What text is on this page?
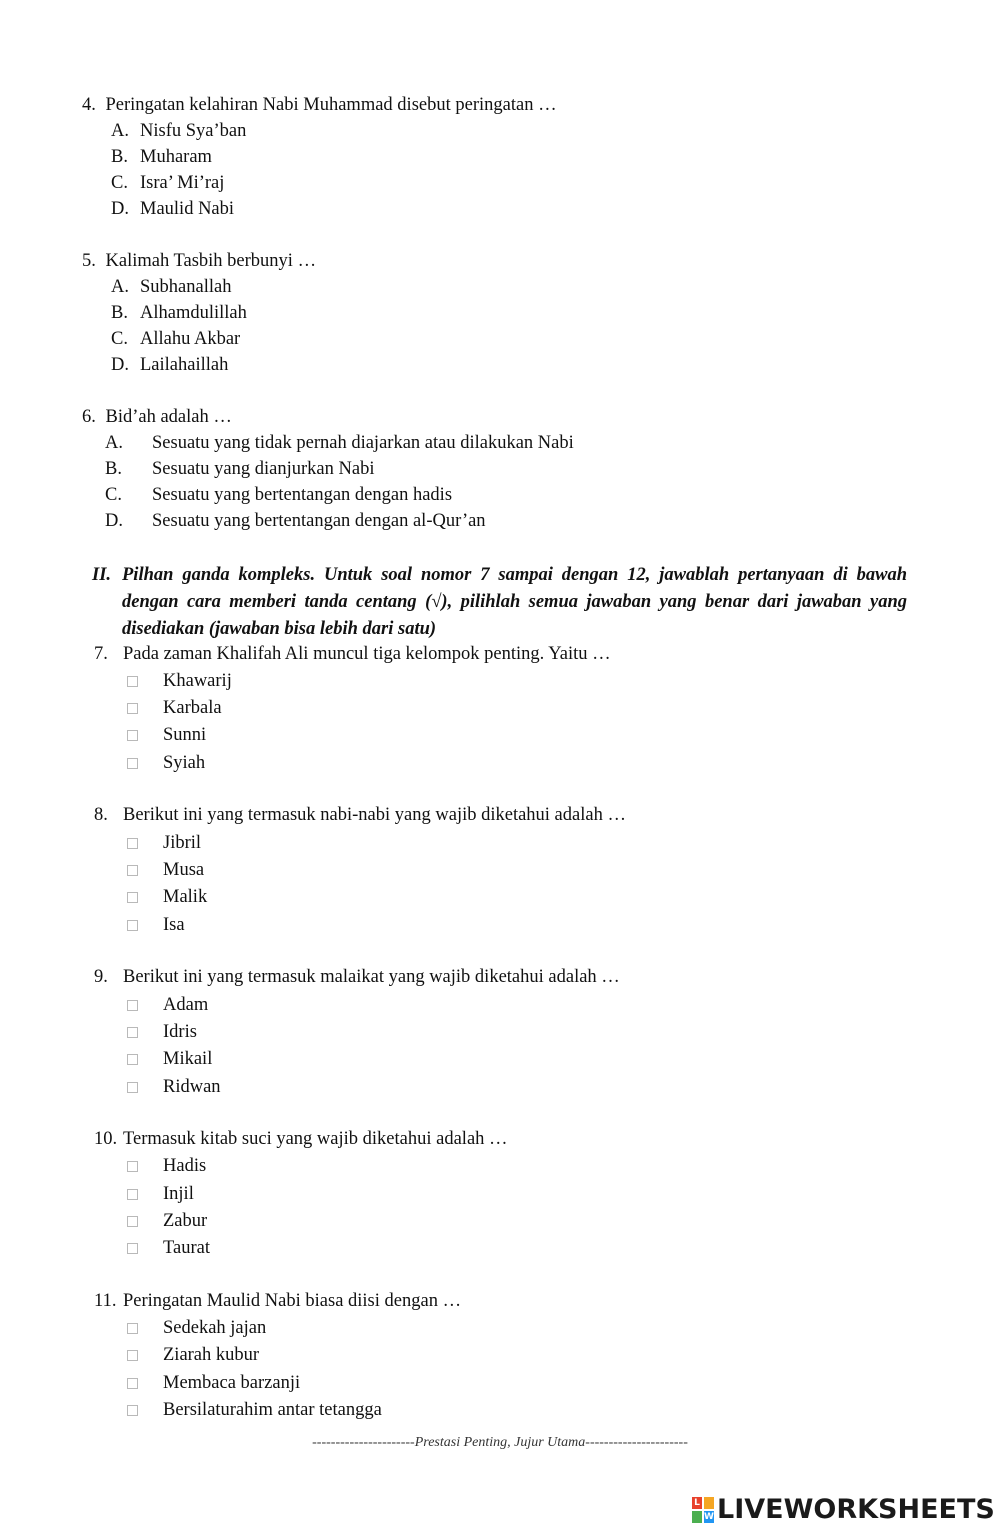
4. Peringatan kelahiran Nabi Muhammad disebut peringatan …
A. Nisfu Sya’ban
B. Muharam
C. Isra’ Mi’raj
D. Maulid Nabi
5. Kalimah Tasbih berbunyi …
A. Subhanallah
B. Alhamdulillah
C. Allahu Akbar
D. Lailahaillah
6. Bid’ah adalah …
A. Sesuatu yang tidak pernah diajarkan atau dilakukan Nabi
B. Sesuatu yang dianjurkan Nabi
C. Sesuatu yang bertentangan dengan hadis
D. Sesuatu yang bertentangan dengan al-Qur’an
II. Pilhan ganda kompleks. Untuk soal nomor 7 sampai dengan 12, jawablah pertanyaan di bawah dengan cara memberi tanda centang (√), pilihlah semua jawaban yang benar dari jawaban yang disediakan (jawaban bisa lebih dari satu)
7. Pada zaman Khalifah Ali muncul tiga kelompok penting. Yaitu …
Khawarij
Karbala
Sunni
Syiah
8. Berikut ini yang termasuk nabi-nabi yang wajib diketahui adalah …
Jibril
Musa
Malik
Isa
9. Berikut ini yang termasuk malaikat yang wajib diketahui adalah …
Adam
Idris
Mikail
Ridwan
10. Termasuk kitab suci yang wajib diketahui adalah …
Hadis
Injil
Zabur
Taurat
11. Peringatan Maulid Nabi biasa diisi dengan …
Sedekah jajan
Ziarah kubur
Membaca barzanji
Bersilaturahim antar tetangga
----------------------Prestasi Penting, Jujur Utama----------------------
L
W LIVEWORKSHEETS
